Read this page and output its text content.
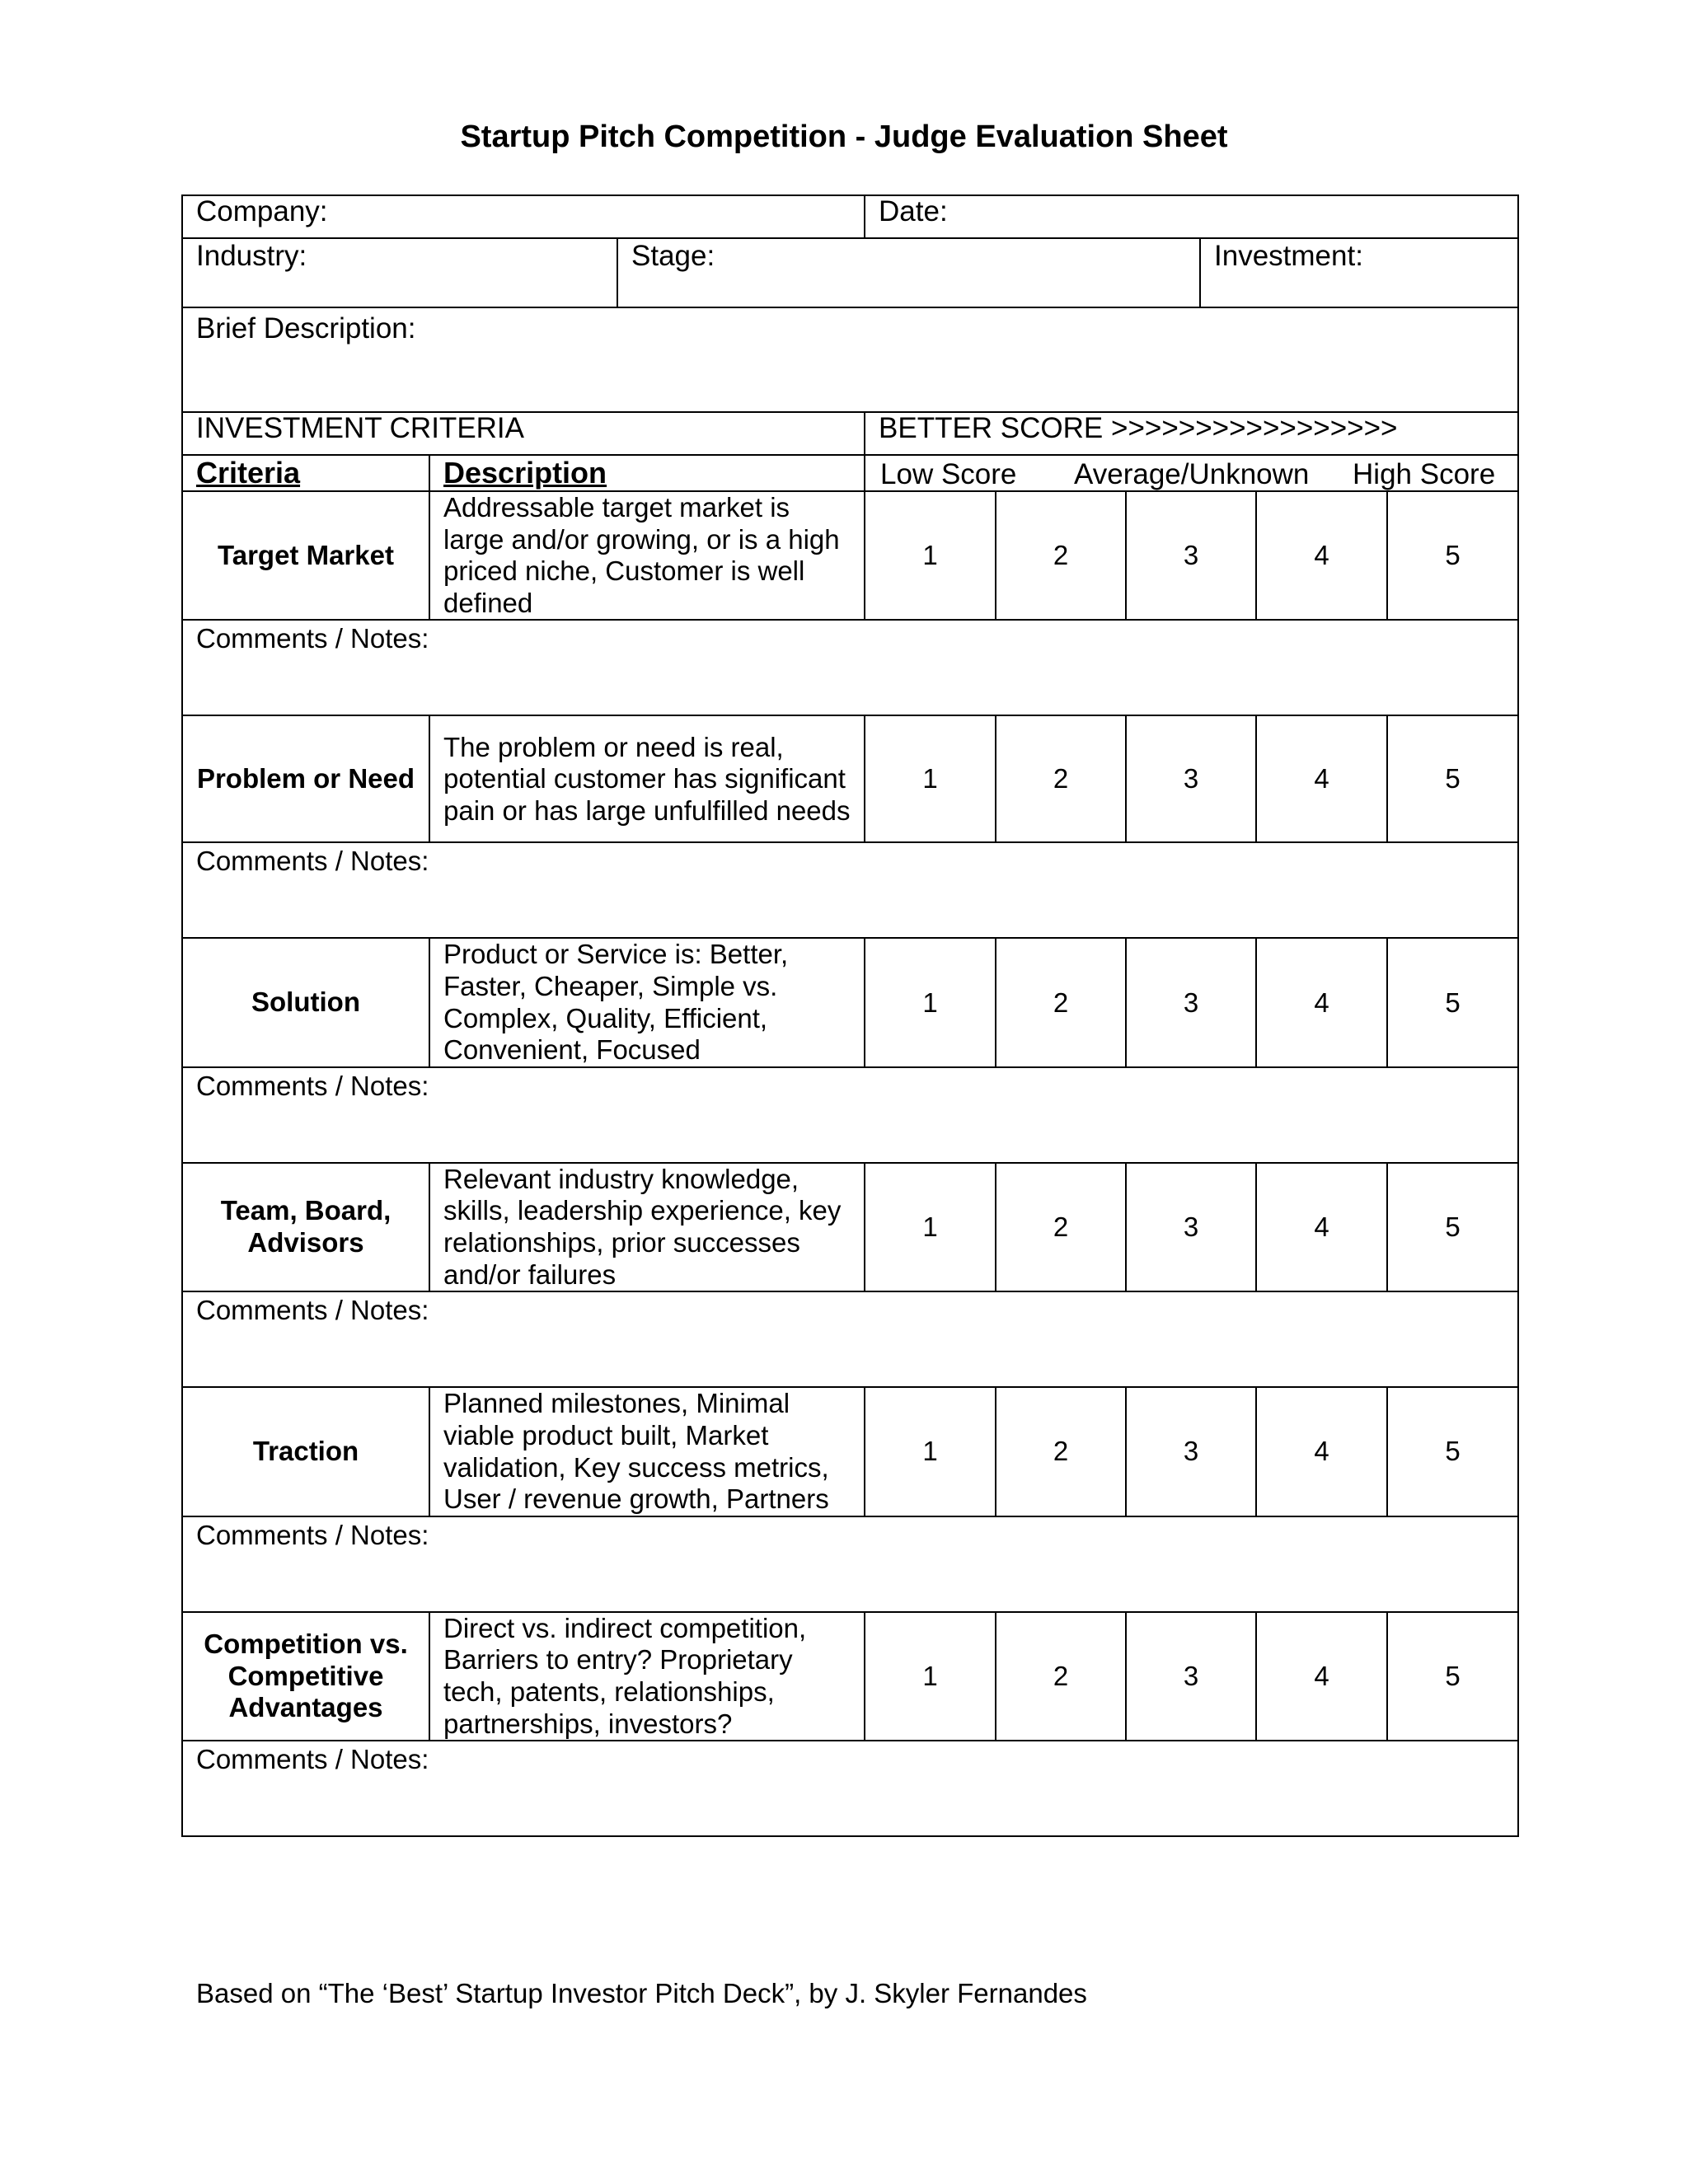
Startup Pitch Competition - Judge Evaluation Sheet
Company:			Date:					
Industry:		Stage:				Investment:		
Brief Description:								
INVESTMENT CRITERIA			BETTER SCORE >>>>>>>>>>>>>>>>>					
Criteria	Description		Low Score Average/Unknown High Score					

Target Market	Addressable target market is large and/or growing, or is a high priced niche, Customer is well defined		1	2	3		4	5
Comments / Notes:								
Problem or Need	The problem or need is real, potential customer has significant pain or has large unfulfilled needs		1	2	3		4	5
Comments / Notes:								
Solution	Product or Service is: Better, Faster, Cheaper, Simple vs. Complex, Quality, Efficient, Convenient, Focused		1	2	3		4	5
Comments / Notes:								
Team, Board, Advisors	Relevant industry knowledge, skills, leadership experience, key relationships, prior successes and/or failures		1	2	3		4	5
Comments / Notes:								
Traction	Planned milestones, Minimal viable product built, Market validation, Key success metrics, User / revenue growth, Partners		1	2	3		4	5
Comments / Notes:								
Competition vs. Competitive Advantages	Direct vs. indirect competition, Barriers to entry? Proprietary tech, patents, relationships, partnerships, investors?		1	2	3		4	5
Comments / Notes:								
Based on “The ‘Best’ Startup Investor Pitch Deck”, by J. Skyler Fernandes
